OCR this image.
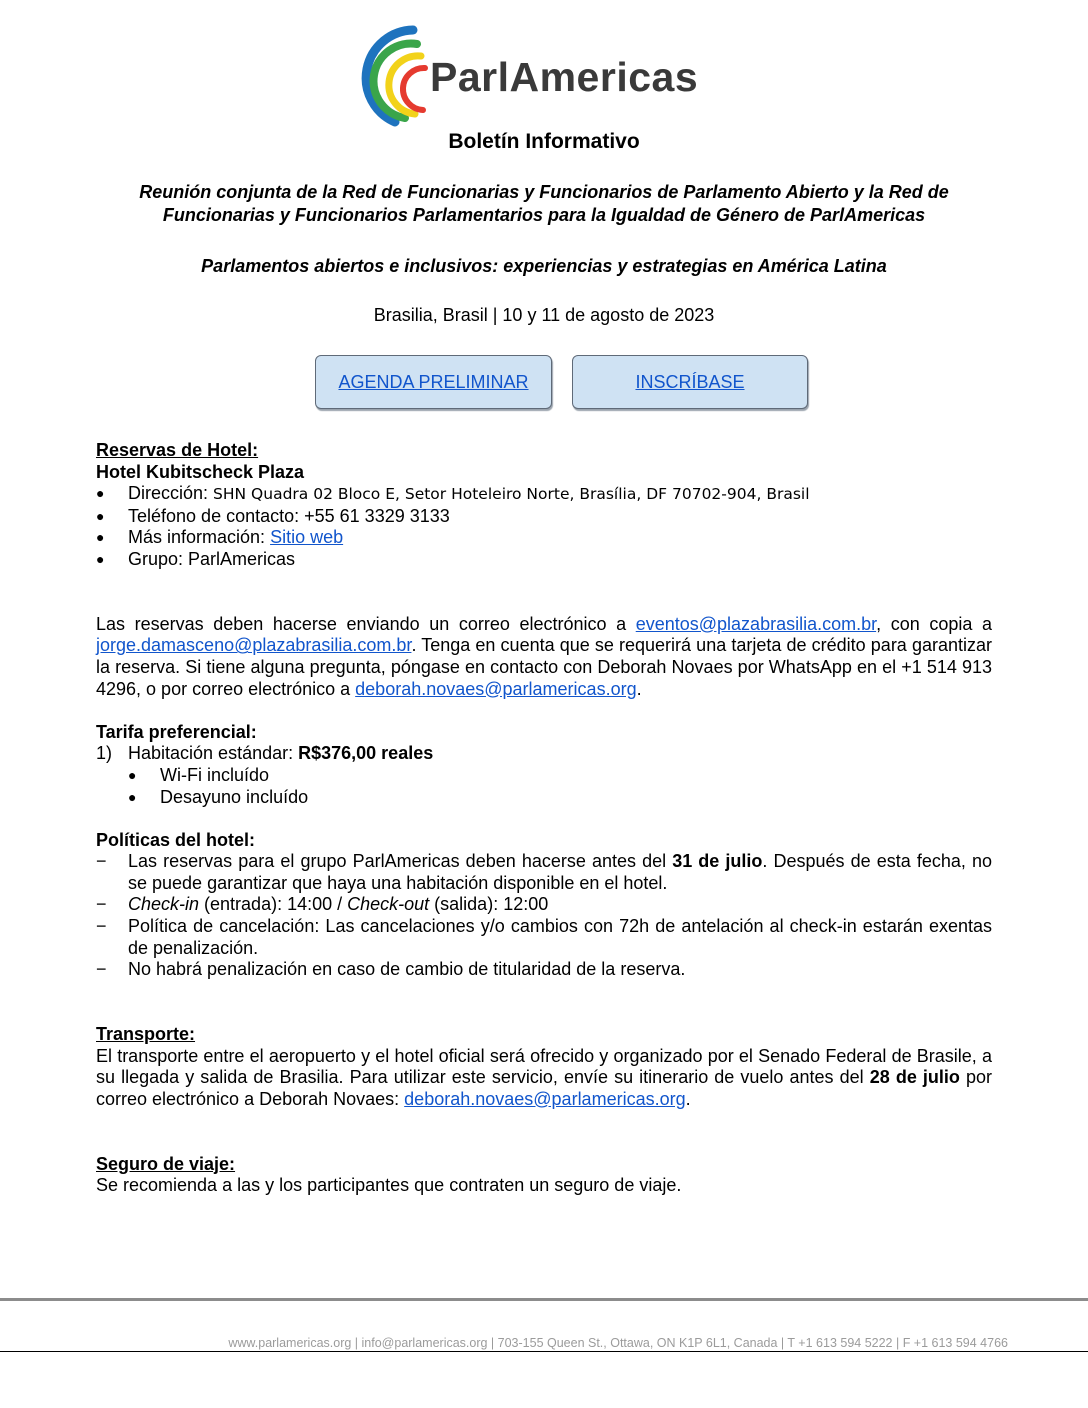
ParlAmericas
Boletín Informativo
Reunión conjunta de la Red de Funcionarias y Funcionarios de Parlamento Abierto y la Red de Funcionarias y Funcionarios Parlamentarios para la Igualdad de Género de ParlAmericas
Parlamentos abiertos e inclusivos: experiencias y estrategias en América Latina
Brasilia, Brasil | 10 y 11 de agosto de 2023
AGENDA PRELIMINAR	INSCRÍBASE
Reservas de Hotel:
Hotel Kubitscheck Plaza
● Dirección: SHN Quadra 02 Bloco E, Setor Hoteleiro Norte, Brasília, DF 70702-904, Brasil
● Teléfono de contacto: +55 61 3329 3133
● Más información: Sitio web
● Grupo: ParlAmericas

Las reservas deben hacerse enviando un correo electrónico a eventos@plazabrasilia.com.br, con copia a jorge.damasceno@plazabrasilia.com.br. Tenga en cuenta que se requerirá una tarjeta de crédito para garantizar la reserva. Si tiene alguna pregunta, póngase en contacto con Deborah Novaes por WhatsApp en el +1 514 913 4296, o por correo electrónico a deborah.novaes@parlamericas.org.

Tarifa preferencial:
1) Habitación estándar: R$376,00 reales
● Wi-Fi incluído
● Desayuno incluído
Políticas del hotel:
− Las reservas para el grupo ParlAmericas deben hacerse antes del 31 de julio. Después de esta fecha, no se puede garantizar que haya una habitación disponible en el hotel.
− Check-in (entrada): 14:00 / Check-out (salida): 12:00
− Política de cancelación: Las cancelaciones y/o cambios con 72h de antelación al check-in estarán exentas de penalización.
− No habrá penalización en caso de cambio de titularidad de la reserva.
Transporte:

El transporte entre el aeropuerto y el hotel oficial será ofrecido y organizado por el Senado Federal de Brasile, a su llegada y salida de Brasilia. Para utilizar este servicio, envíe su itinerario de vuelo antes del 28 de julio por correo electrónico a Deborah Novaes: deborah.novaes@parlamericas.org.

Seguro de viaje:
Se recomienda a las y los participantes que contraten un seguro de viaje.
www.parlamericas.org | info@parlamericas.org | 703-155 Queen St., Ottawa, ON K1P 6L1, Canada | T +1 613 594 5222 | F +1 613 594 4766
